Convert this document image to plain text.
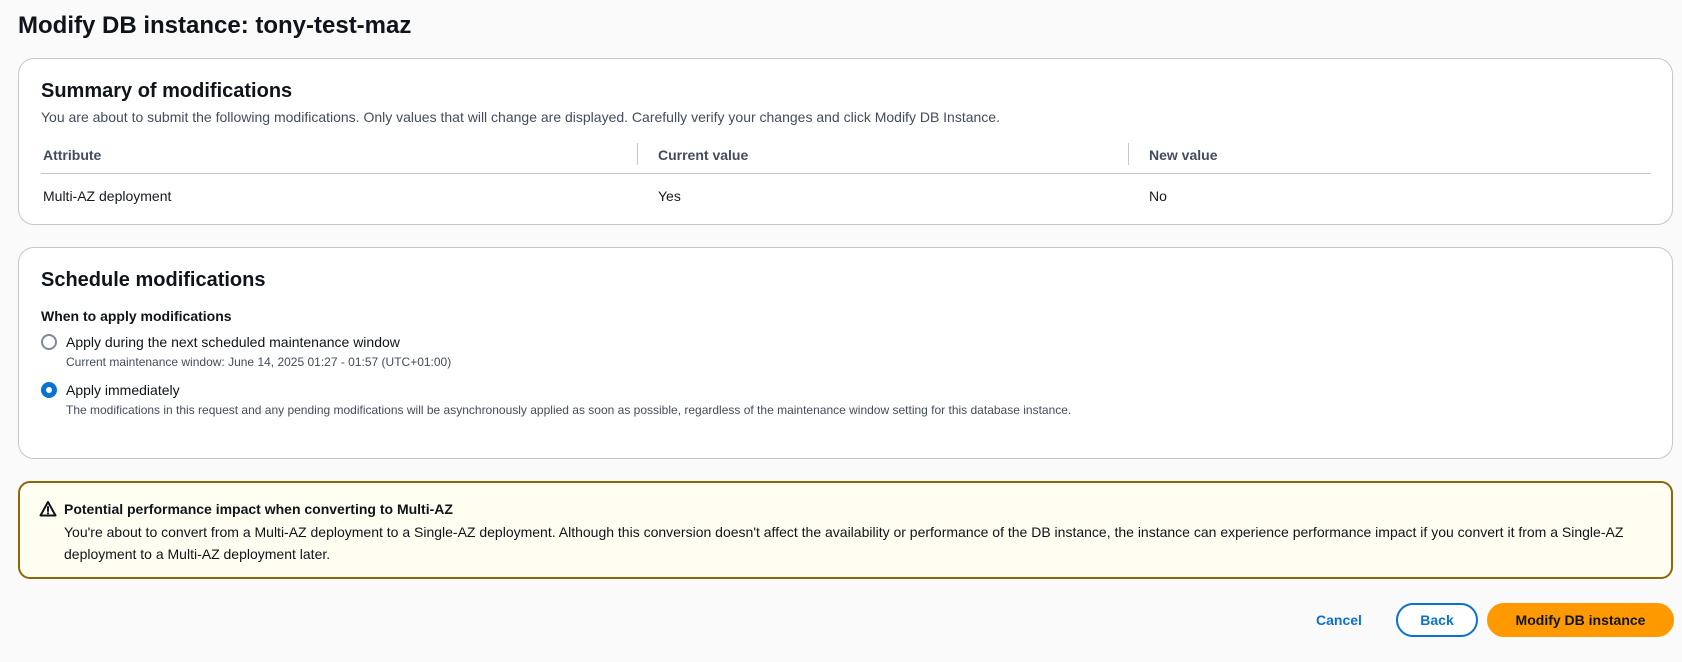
Modify DB instance: tony-test-maz
Summary of modifications
You are about to submit the following modifications. Only values that will change are displayed. Carefully verify your changes and click Modify DB Instance.
Attribute	Current value	New value
Multi-AZ deployment	Yes	No
Schedule modifications
When to apply modifications
Apply during the next scheduled maintenance window
Current maintenance window: June 14, 2025 01:27 - 01:57 (UTC+01:00)
Apply immediately
The modifications in this request and any pending modifications will be asynchronously applied as soon as possible, regardless of the maintenance window setting for this database instance.
Potential performance impact when converting to Multi-AZ
You're about to convert from a Multi-AZ deployment to a Single-AZ deployment. Although this conversion doesn't affect the availability or performance of the DB instance, the instance can experience performance impact if you convert it from a Single-AZ deployment to a Multi-AZ deployment later.
Cancel	Back	Modify DB instance
